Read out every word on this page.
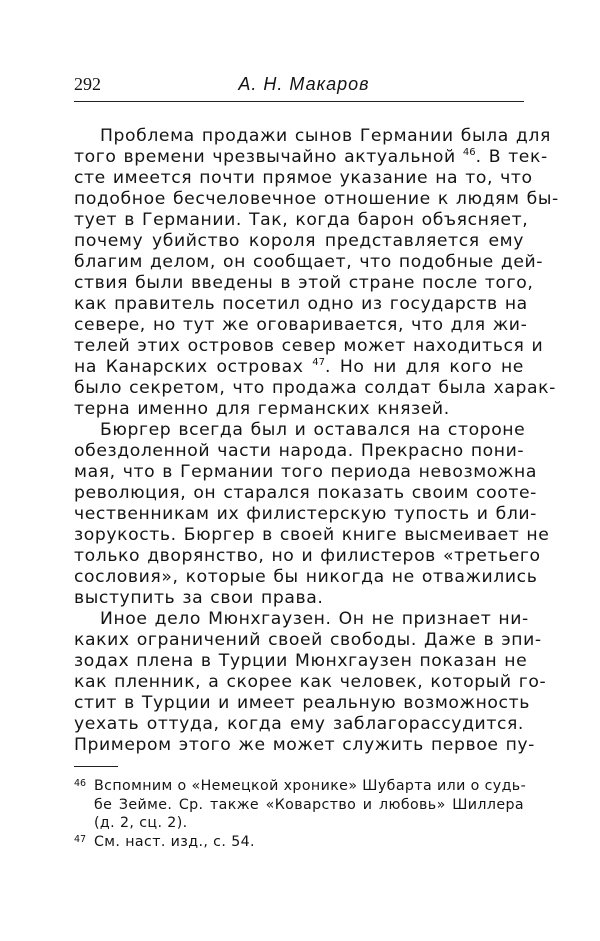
292	А. Н. Макаров
Проблема продажи сынов Германии была для
того времени чрезвычайно актуальной $^{46}$. В тек-
сте имеется почти прямое указание на то, что
подобное бесчеловечное отношение к людям бы-
тует в Германии. Так, когда барон объясняет,
почему убийство короля представляется ему
благим делом, он сообщает, что подобные дей-
ствия были введены в этой стране после того,
как правитель посетил одно из государств на
севере, но тут же оговаривается, что для жи-
телей этих островов север может находиться и
на Канарских островах $^{47}$. Но ни для кого не
было секретом, что продажа солдат была харак-
терна именно для германских князей.
Бюргер всегда был и оставался на стороне
обездоленной части народа. Прекрасно пони-
мая, что в Германии того периода невозможна
революция, он старался показать своим сооте-
чественникам их филистерскую тупость и бли-
зорукость. Бюргер в своей книге высмеивает не
только дворянство, но и филистеров «третьего
сословия», которые бы никогда не отважились
выступить за свои права.
Иное дело Мюнхгаузен. Он не признает ни-
каких ограничений своей свободы. Даже в эпи-
зодах плена в Турции Мюнхгаузен показан не
как пленник, а скорее как человек, который го-
стит в Турции и имеет реальную возможность
уехать оттуда, когда ему заблагорассудится.
Примером этого же может служить первое пу-
46 Вспомним о «Немецкой хронике» Шубарта или о судь-
бе Зейме. Ср. также «Коварство и любовь» Шиллера
(д. 2, сц. 2).
47 См. наст. изд., с. 54.
